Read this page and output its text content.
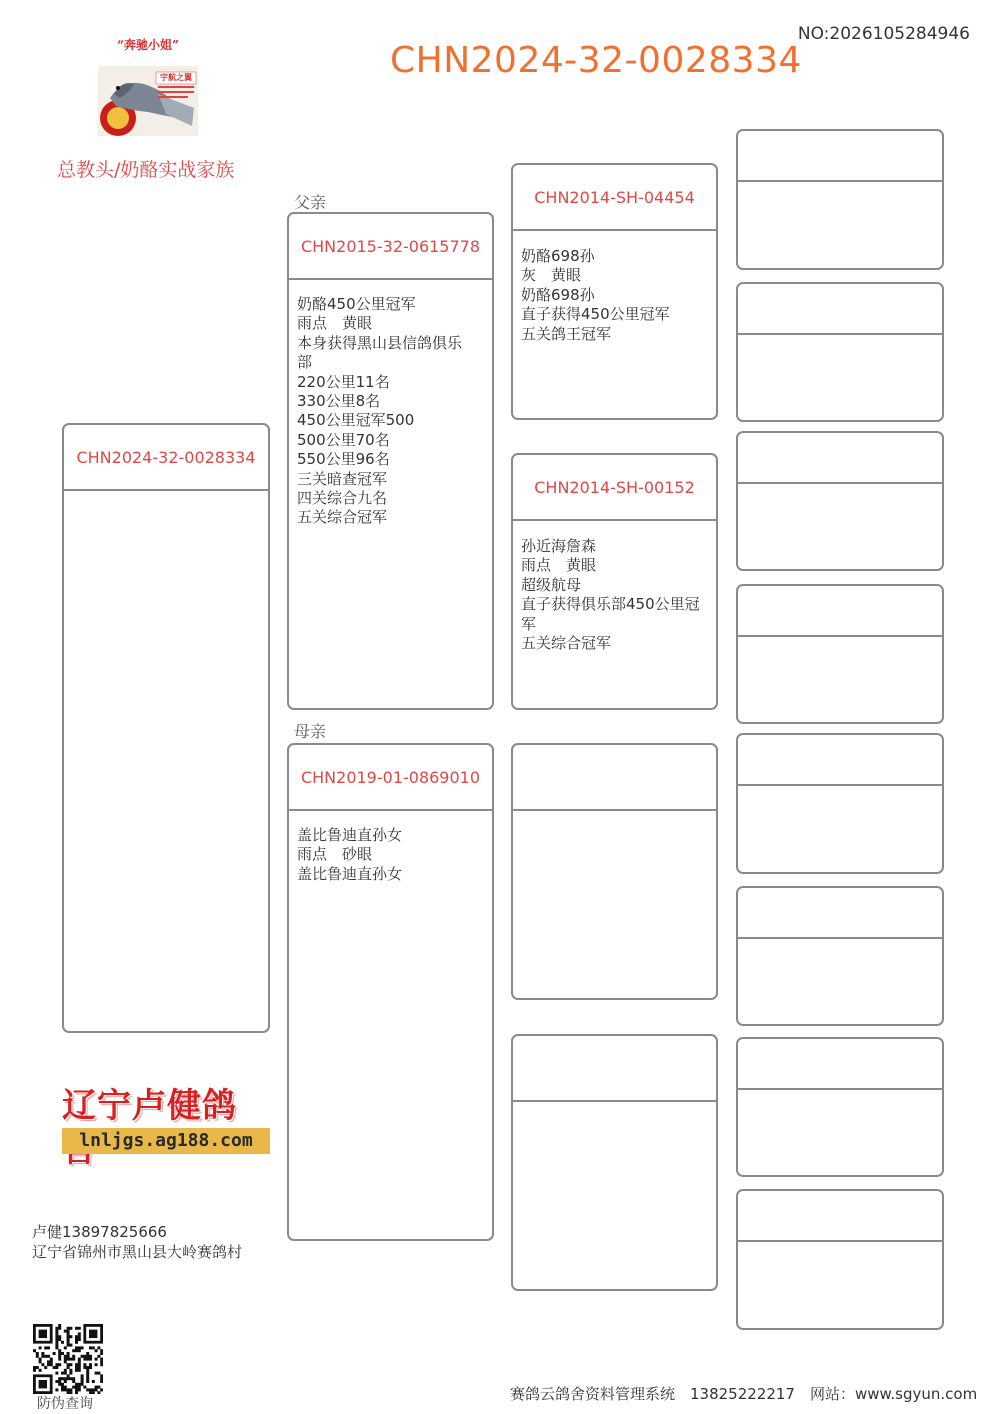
NO:2026105284946
CHN2024-32-0028334
“奔驰小姐”
宇航之翼
总教头/奶酪实战家族
父亲
母亲
CHN2024-32-0028334
CHN2015-32-0615778
奶酪450公里冠军
雨点　黄眼
本身获得黑山县信鸽俱乐
部
220公里11名
330公里8名
450公里冠军500
500公里70名
550公里96名
三关暗查冠军
四关综合九名
五关综合冠军
CHN2019-01-0869010
盖比鲁迪直孙女
雨点　砂眼
盖比鲁迪直孙女
CHN2014-SH-04454
奶酪698孙
灰　黄眼
奶酪698孙
直子获得450公里冠军
五关鸽王冠军
CHN2014-SH-00152
孙近海詹森
雨点　黄眼
超级航母
直子获得俱乐部450公里冠
军
五关综合冠军
辽宁卢健鸽
lnljgs.ag188.com
卢健13897825666
辽宁省锦州市黑山县大岭赛鸽村
防伪查询
赛鸽云鸽舍资料管理系统　13825222217　网站：www.sgyun.com
